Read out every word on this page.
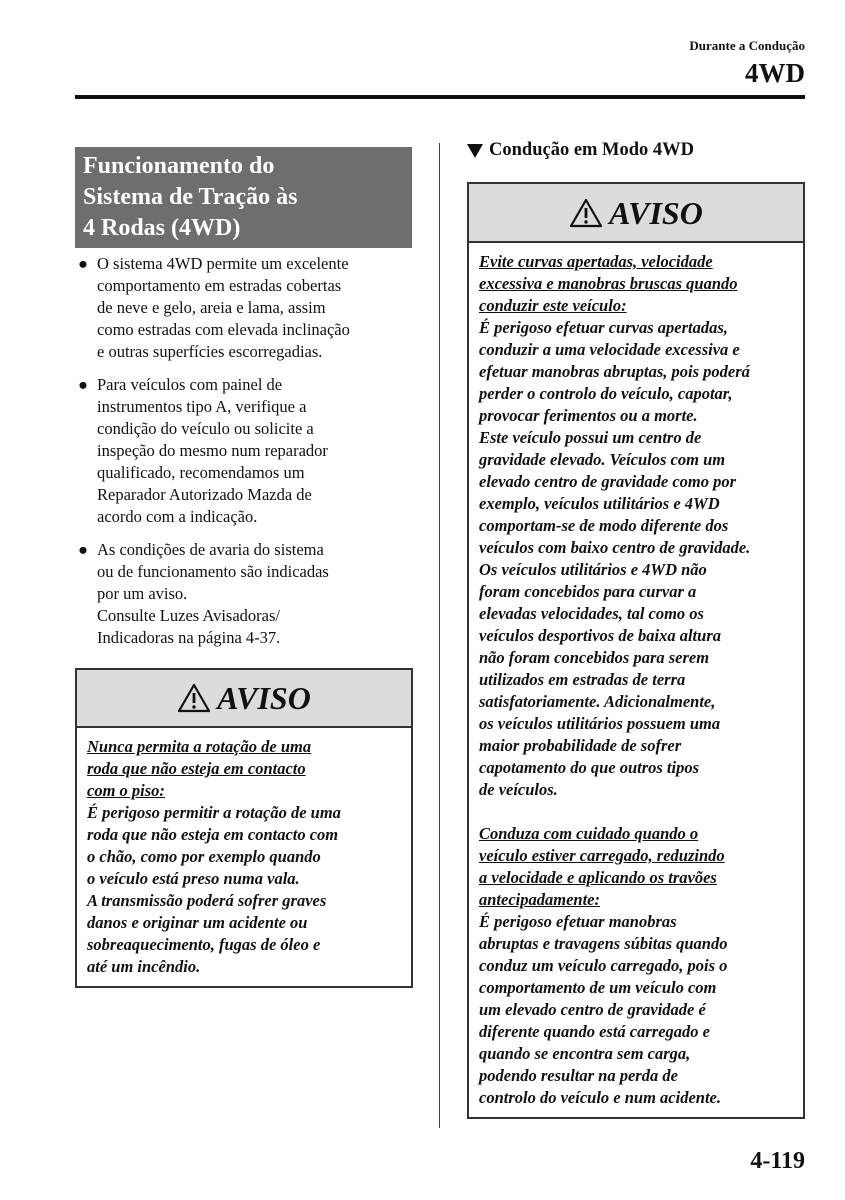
Durante a Condução
4WD
Funcionamento do
Sistema de Tração às
4 Rodas (4WD)
● O sistema 4WD permite um excelente
comportamento em estradas cobertas
de neve e gelo, areia e lama, assim
como estradas com elevada inclinação
e outras superfícies escorregadias.
● Para veículos com painel de
instrumentos tipo A, verifique a
condição do veículo ou solicite a
inspeção do mesmo num reparador
qualificado, recomendamos um
Reparador Autorizado Mazda de
acordo com a indicação.
● As condições de avaria do sistema
ou de funcionamento são indicadas
por um aviso.
Consulte Luzes Avisadoras/
Indicadoras na página 4-37.
AVISO
Nunca permita a rotação de uma
roda que não esteja em contacto
com o piso:
É perigoso permitir a rotação de uma
roda que não esteja em contacto com
o chão, como por exemplo quando
o veículo está preso numa vala.
A transmissão poderá sofrer graves
danos e originar um acidente ou
sobreaquecimento, fugas de óleo e
até um incêndio.
Condução em Modo 4WD
AVISO
Evite curvas apertadas, velocidade
excessiva e manobras bruscas quando
conduzir este veículo:
É perigoso efetuar curvas apertadas,
conduzir a uma velocidade excessiva e
efetuar manobras abruptas, pois poderá
perder o controlo do veículo, capotar,
provocar ferimentos ou a morte.
Este veículo possui um centro de
gravidade elevado. Veículos com um
elevado centro de gravidade como por
exemplo, veículos utilitários e 4WD
comportam-se de modo diferente dos
veículos com baixo centro de gravidade.
Os veículos utilitários e 4WD não
foram concebidos para curvar a
elevadas velocidades, tal como os
veículos desportivos de baixa altura
não foram concebidos para serem
utilizados em estradas de terra
satisfatoriamente. Adicionalmente,
os veículos utilitários possuem uma
maior probabilidade de sofrer
capotamento do que outros tipos
de veículos.
Conduza com cuidado quando o
veículo estiver carregado, reduzindo
a velocidade e aplicando os travões
antecipadamente:
É perigoso efetuar manobras
abruptas e travagens súbitas quando
conduz um veículo carregado, pois o
comportamento de um veículo com
um elevado centro de gravidade é
diferente quando está carregado e
quando se encontra sem carga,
podendo resultar na perda de
controlo do veículo e num acidente.
4-119
